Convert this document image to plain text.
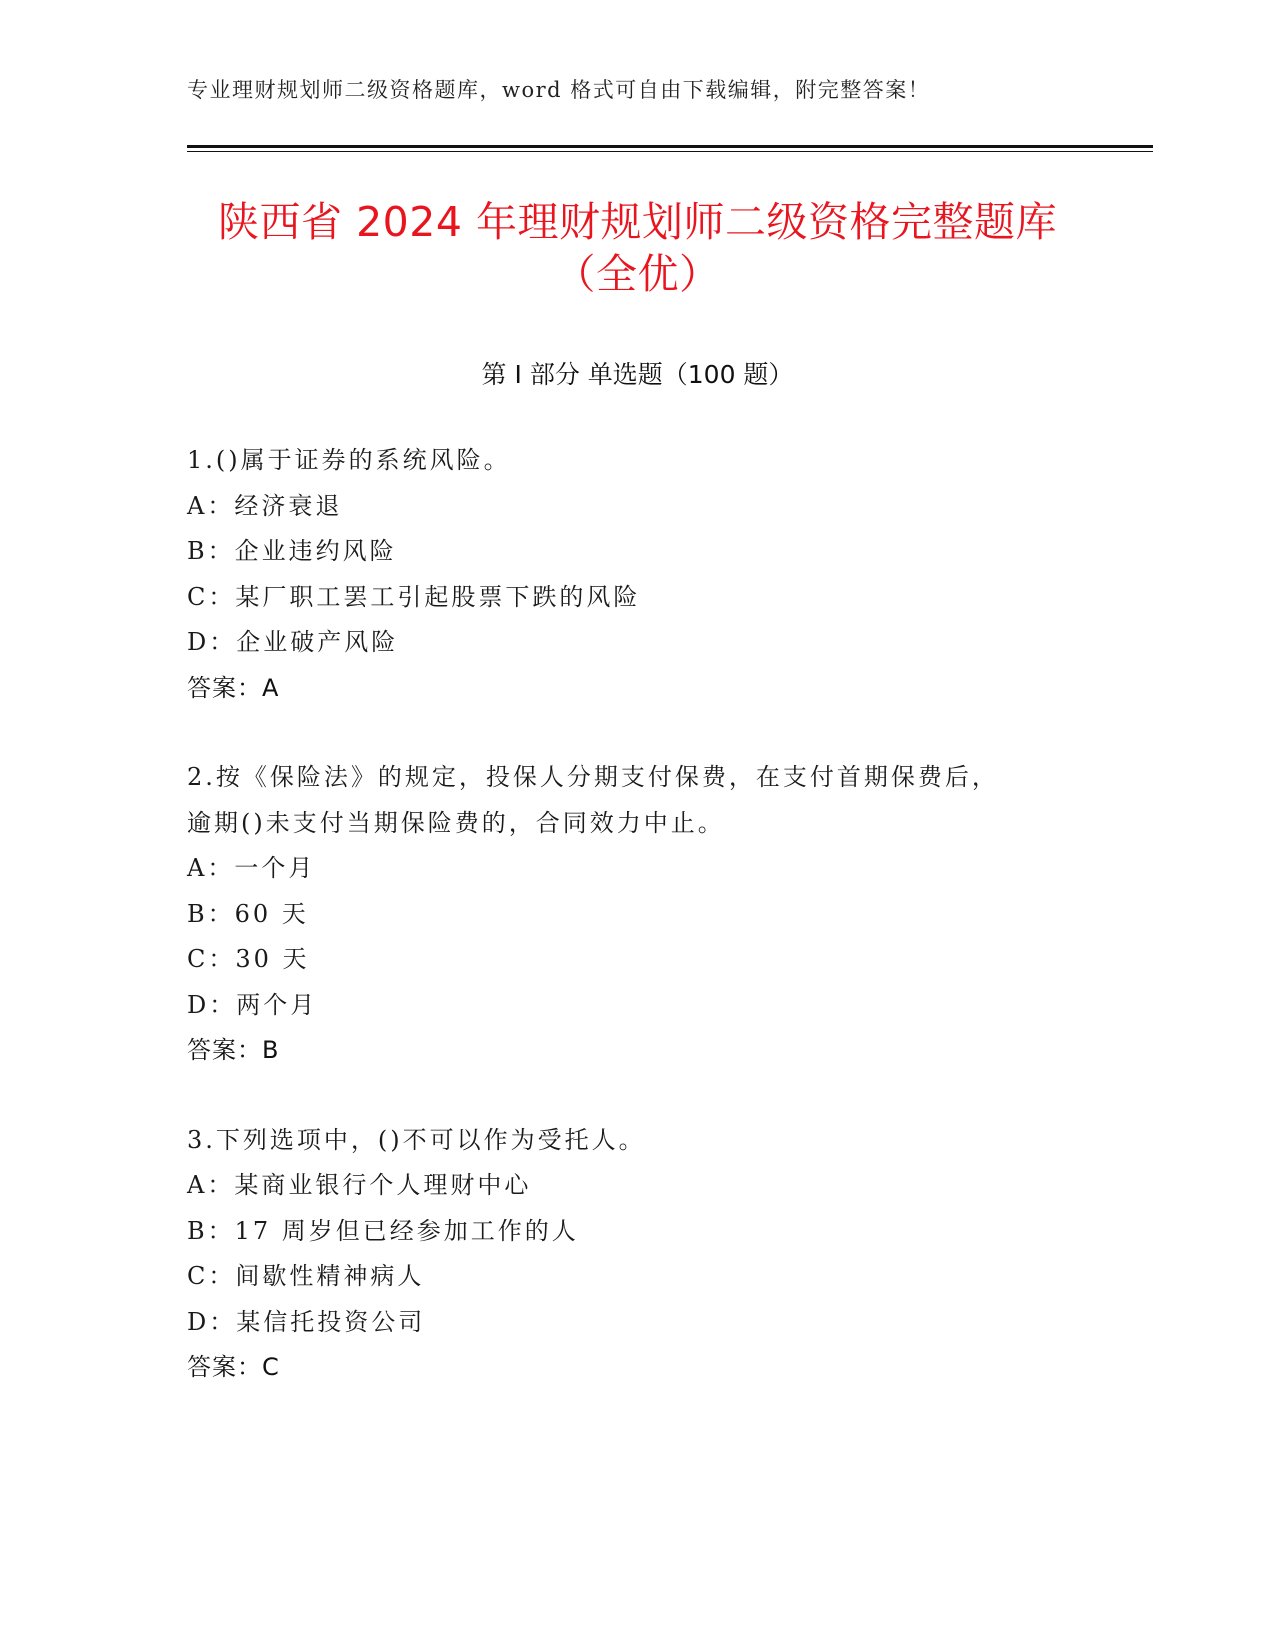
专业理财规划师二级资格题库，word 格式可自由下载编辑，附完整答案！
陕西省 2024 年理财规划师二级资格完整题库
（全优）
第 I 部分 单选题（100 题）
1.()属于证券的系统风险。
A：经济衰退
B：企业违约风险
C：某厂职工罢工引起股票下跌的风险
D：企业破产风险
答案：A
2.按《保险法》的规定，投保人分期支付保费，在支付首期保费后，
逾期()未支付当期保险费的，合同效力中止。
A：一个月
B：60 天
C：30 天
D：两个月
答案：B
3.下列选项中，()不可以作为受托人。
A：某商业银行个人理财中心
B：17 周岁但已经参加工作的人
C：间歇性精神病人
D：某信托投资公司
答案：C
